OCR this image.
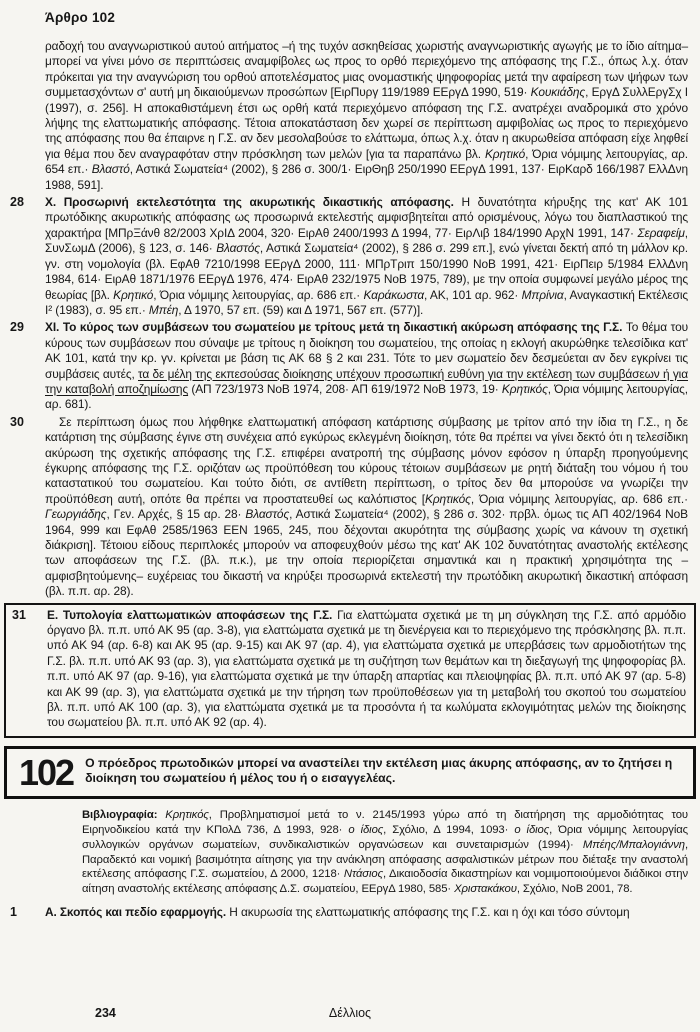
Άρθρο 102
ραδοχή του αναγνωριστικού αυτού αιτήματος –ή της τυχόν ασκηθείσας χωριστής αναγνωριστικής αγωγής με το ίδιο αίτημα– μπορεί να γίνει μόνο σε περιπτώσεις αναμφίβολες ως προς το ορθό περιεχόμενο της απόφασης της Γ.Σ., όπως λ.χ. όταν πρόκειται για την αναγνώριση του ορθού αποτελέσματος μιας ονομαστικής ψηφοφορίας μετά την αφαίρεση των ψήφων των συμμετασχόντων σ' αυτή μη δικαιούμενων προσώπων [ΕιρΠυργ 119/1989 ΕΕργΔ 1990, 519· Κουκιάδης, ΕργΔ ΣυλλΕργΣχ Ι (1997), σ. 256]. Η αποκαθιστάμενη έτσι ως ορθή κατά περιεχόμενο απόφαση της Γ.Σ. ανατρέχει αναδρομικά στο χρόνο λήψης της ελαττωματικής απόφασης. Τέτοια αποκατάσταση δεν χωρεί σε περίπτωση αμφιβολίας ως προς το περιεχόμενο της απόφασης που θα έπαιρνε η Γ.Σ. αν δεν μεσολαβούσε το ελάττωμα, όπως λ.χ. όταν η ακυρωθείσα απόφαση είχε ληφθεί για θέμα που δεν αναγραφόταν στην πρόσκληση των μελών [για τα παραπάνω βλ. Κρητικό, Όρια νόμιμης λειτουργίας, αρ. 654 επ.· Βλαστό, Αστικά Σωματεία⁴ (2002), § 286 σ. 300/1· ΕιρΘηβ 250/1990 ΕΕργΔ 1991, 137· ΕιρΚαρδ 166/1987 ΕλλΔνη 1988, 591].
28	Χ. Προσωρινή εκτελεστότητα της ακυρωτικής δικαστικής απόφασης. Η δυνατότητα κήρυξης της κατ' ΑΚ 101 πρωτόδικης ακυρωτικής απόφασης ως προσωρινά εκτελεστής αμφισβητείται από ορισμένους, λόγω του διαπλαστικού της χαρακτήρα [ΜΠρΞάνθ 82/2003 ΧρΙΔ 2004, 320· ΕιρΑθ 2400/1993 Δ 1994, 77· ΕιρΛιβ 184/1990 ΑρχΝ 1991, 147· Σεραφείμ, ΣυνΣωμΔ (2006), § 123, σ. 146· Βλαστός, Αστικά Σωματεία⁴ (2002), § 286 σ. 299 επ.], ενώ γίνεται δεκτή από τη μάλλον κρ. γν. στη νομολογία (βλ. ΕφΑθ 7210/1998 ΕΕργΔ 2000, 111· ΜΠρΤριπ 150/1990 ΝοΒ 1991, 421· ΕιρΠειρ 5/1984 ΕλλΔνη 1984, 614· ΕιρΑθ 1871/1976 ΕΕργΔ 1976, 474· ΕιρΑθ 232/1975 ΝοΒ 1975, 789), με την οποία συμφωνεί μεγάλο μέρος της θεωρίας [βλ. Κρητικό, Όρια νόμιμης λειτουργίας, αρ. 686 επ.· Καράκωστα, ΑΚ, 101 αρ. 962· Μπρίνια, Αναγκαστική Εκτέλεσις Ι² (1983), σ. 95 επ.· Μπέη, Δ 1970, 57 επ. (59) και Δ 1971, 567 επ. (577)].
29	ΧΙ. Το κύρος των συμβάσεων του σωματείου με τρίτους μετά τη δικαστική ακύρωση απόφασης της Γ.Σ. Το θέμα του κύρους των συμβάσεων που σύναψε με τρίτους η διοίκηση του σωματείου, της οποίας η εκλογή ακυρώθηκε τελεσίδικα κατ' ΑΚ 101, κατά την κρ. γν. κρίνεται με βάση τις ΑΚ 68 § 2 και 231. Τότε το μεν σωματείο δεν δεσμεύεται αν δεν εγκρίνει τις συμβάσεις αυτές, τα δε μέλη της εκπεσούσας διοίκησης υπέχουν προσωπική ευθύνη για την εκτέλεση των συμβάσεων ή για την καταβολή αποζημίωσης (ΑΠ 723/1973 ΝοΒ 1974, 208· ΑΠ 619/1972 ΝοΒ 1973, 19· Κρητικός, Όρια νόμιμης λειτουργίας, αρ. 681).
30	Σε περίπτωση όμως που λήφθηκε ελαττωματική απόφαση κατάρτισης σύμβασης με τρίτον από την ίδια τη Γ.Σ., η δε κατάρτιση της σύμβασης έγινε στη συνέχεια από εγκύρως εκλεγμένη διοίκηση, τότε θα πρέπει να γίνει δεκτό ότι η τελεσίδικη ακύρωση της σχετικής απόφασης της Γ.Σ. επιφέρει ανατροπή της σύμβασης μόνον εφόσον η ύπαρξη προηγούμενης έγκυρης απόφασης της Γ.Σ. οριζόταν ως προϋπόθεση του κύρους τέτοιων συμβάσεων με ρητή διάταξη του νόμου ή του καταστατικού του σωματείου. Και τούτο διότι, σε αντίθετη περίπτωση, ο τρίτος δεν θα μπορούσε να γνωρίζει την προϋπόθεση αυτή, οπότε θα πρέπει να προστατευθεί ως καλόπιστος [Κρητικός, Όρια νόμιμης λειτουργίας, αρ. 686 επ.· Γεωργιάδης, Γεν. Αρχές, § 15 αρ. 28· Βλαστός, Αστικά Σωματεία⁴ (2002), § 286 σ. 302· πρβλ. όμως τις ΑΠ 402/1964 ΝοΒ 1964, 999 και ΕφΑθ 2585/1963 ΕΕΝ 1965, 245, που δέχονται ακυρότητα της σύμβασης χωρίς να κάνουν τη σχετική διάκριση]. Τέτοιου είδους περιπλοκές μπορούν να αποφευχθούν μέσω της κατ' ΑΚ 102 δυνατότητας αναστολής εκτέλεσης των αποφάσεων της Γ.Σ. (βλ. π.κ.), με την οποία περιορίζεται σημαντικά και η πρακτική χρησιμότητα της –αμφισβητούμενης– ευχέρειας του δικαστή να κηρύξει προσωρινά εκτελεστή την πρωτόδικη ακυρωτική δικαστική απόφαση (βλ. π.π. αρ. 28).
31	Ε. Τυπολογία ελαττωματικών αποφάσεων της Γ.Σ. Για ελαττώματα σχετικά με τη μη σύγκληση της Γ.Σ. από αρμόδιο όργανο βλ. π.π. υπό ΑΚ 95 (αρ. 3-8), για ελαττώματα σχετικά με τη διενέργεια και το περιεχόμενο της πρόσκλησης βλ. π.π. υπό ΑΚ 94 (αρ. 6-8) και ΑΚ 95 (αρ. 9-15) και ΑΚ 97 (αρ. 4), για ελαττώματα σχετικά με υπερβάσεις των αρμοδιοτήτων της Γ.Σ. βλ. π.π. υπό ΑΚ 93 (αρ. 3), για ελαττώματα σχετικά με τη συζήτηση των θεμάτων και τη διεξαγωγή της ψηφοφορίας βλ. π.π. υπό ΑΚ 97 (αρ. 9-16), για ελαττώματα σχετικά με την ύπαρξη απαρτίας και πλειοψηφίας βλ. π.π. υπό ΑΚ 97 (αρ. 5-8) και ΑΚ 99 (αρ. 3), για ελαττώματα σχετικά με την τήρηση των προϋποθέσεων για τη μεταβολή του σκοπού του σωματείου βλ. π.π. υπό ΑΚ 100 (αρ. 3), για ελαττώματα σχετικά με τα προσόντα ή τα κωλύματα εκλογιμότητας μελών της διοίκησης του σωματείου βλ. π.π. υπό ΑΚ 92 (αρ. 4).
102 Ο πρόεδρος πρωτοδικών μπορεί να αναστείλει την εκτέλεση μιας άκυρης απόφασης, αν το ζητήσει η διοίκηση του σωματείου ή μέλος του ή ο εισαγγελέας.
Βιβλιογραφία: Κρητικός, Προβληματισμοί μετά το ν. 2145/1993 γύρω από τη διατήρηση της αρμοδιότητας του Ειρηνοδικείου κατά την ΚΠολΔ 736, Δ 1993, 928· ο ίδιος, Σχόλιο, Δ 1994, 1093· ο ίδιος, Όρια νόμιμης λειτουργίας συλλογικών οργάνων σωματείων, συνδικαλιστικών οργανώσεων και συνεταιρισμών (1994)· Μπέης/Μπαλογιάννη, Παραδεκτό και νομική βασιμότητα αίτησης για την ανάκληση απόφασης ασφαλιστικών μέτρων που διέταξε την αναστολή εκτέλεσης απόφασης Γ.Σ. σωματείου, Δ 2000, 1218· Ντάσιος, Δικαιοδοσία δικαστηρίων και νομιμοποιούμενοι διάδικοι στην αίτηση αναστολής εκτέλεσης απόφασης Δ.Σ. σωματείου, ΕΕργΔ 1980, 585· Χριστακάκου, Σχόλιο, ΝοΒ 2001, 78.
1	Α. Σκοπός και πεδίο εφαρμογής. Η ακυρωσία της ελαττωματικής απόφασης της Γ.Σ. και η όχι και τόσο σύντομη
234	Δέλλιος
